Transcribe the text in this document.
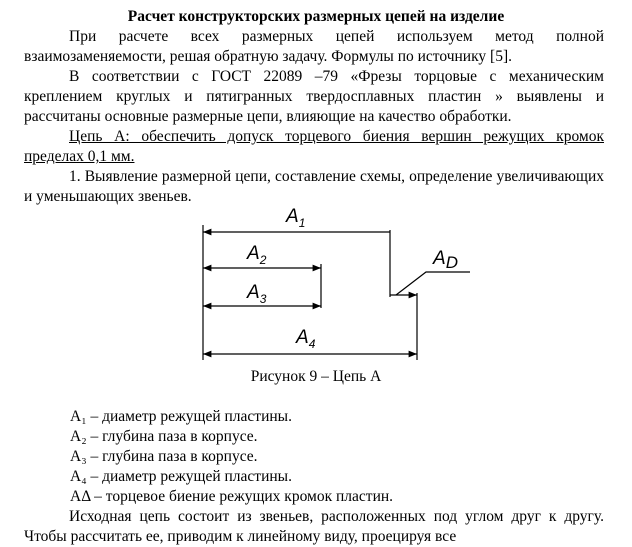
Расчет конструкторских размерных цепей на изделие
При расчете всех размерных цепей используем метод полной взаимозаменяемости, решая обратную задачу. Формулы по источнику [5].
В соответствии с ГОСТ 22089 –79 «Фрезы торцовые с механическим креплением круглых и пятигранных твердосплавных пластин » выявлены и рассчитаны основные размерные цепи, влияющие на качество обработки.
Цепь А: обеспечить допуск торцевого биения вершин режущих кромок пределах 0,1 мм.
1. Выявление размерной цепи, составление схемы, определение увеличивающих и уменьшающих звеньев.
$A_1$
$A_2$
$A_3$
$A_4$
AD
Рисунок 9 – Цепь А
A₁ – диаметр режущей пластины.
A₂ – глубина паза в корпусе.
A₃ – глубина паза в корпусе.
A₄ – диаметр режущей пластины.
AΔ – торцевое биение режущих кромок пластин.
Исходная цепь состоит из звеньев, расположенных под углом друг к другу. Чтобы рассчитать ее, приводим к линейному виду, проецируя все
